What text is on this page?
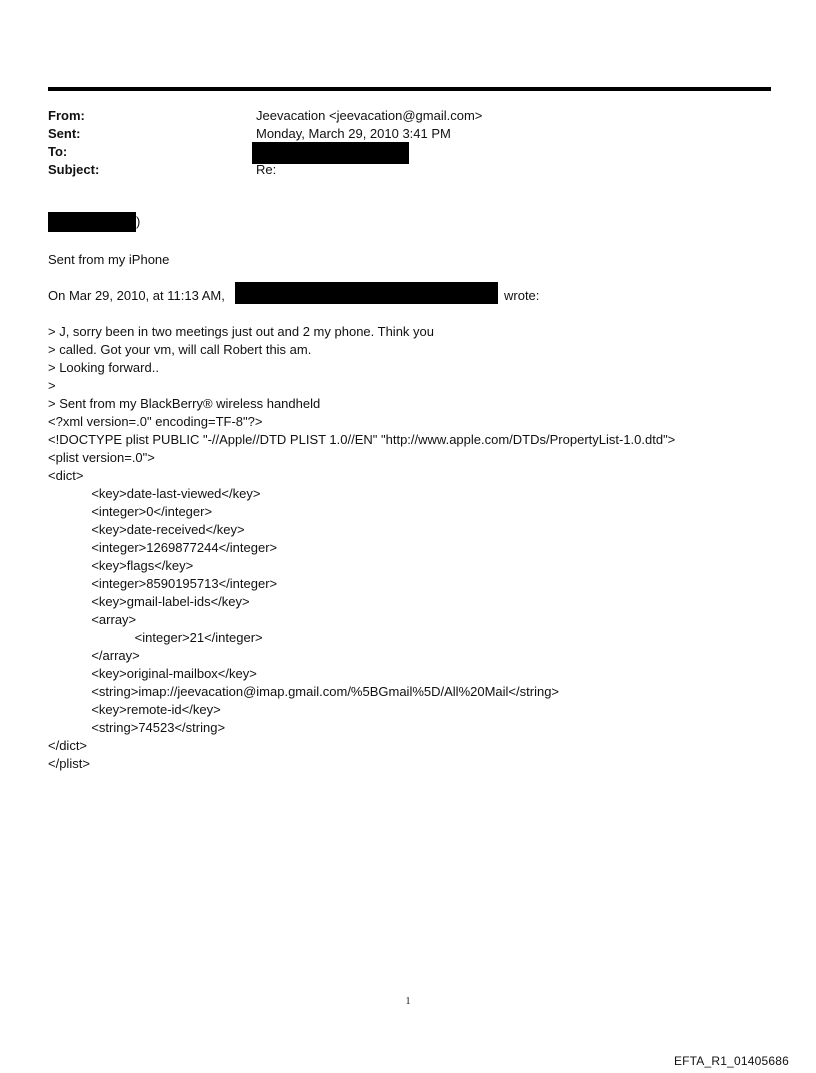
From:	Jeevacation <jeevacation@gmail.com>
Sent:	Monday, March 29, 2010 3:41 PM
To:
Subject:	Re:
)
Sent from my iPhone
On Mar 29, 2010, at 11:13 AM,	wrote:
> J, sorry been in two meetings just out and 2 my phone. Think you
> called. Got your vm, will call Robert this am.
> Looking forward..
>
> Sent from my BlackBerry® wireless handheld
<?xml version=.0" encoding=TF-8"?>
<!DOCTYPE plist PUBLIC "-//Apple//DTD PLIST 1.0//EN" "http://www.apple.com/DTDs/PropertyList-1.0.dtd">
<plist version=.0">
<dict>
<key>date-last-viewed</key>
<integer>0</integer>
<key>date-received</key>
<integer>1269877244</integer>
<key>flags</key>
<integer>8590195713</integer>
<key>gmail-label-ids</key>
<array>
<integer>21</integer>
</array>
<key>original-mailbox</key>
<string>imap://jeevacation@imap.gmail.com/%5BGmail%5D/All%20Mail</string>
<key>remote-id</key>
<string>74523</string>
</dict>
</plist>
1
EFTA_R1_01405686
